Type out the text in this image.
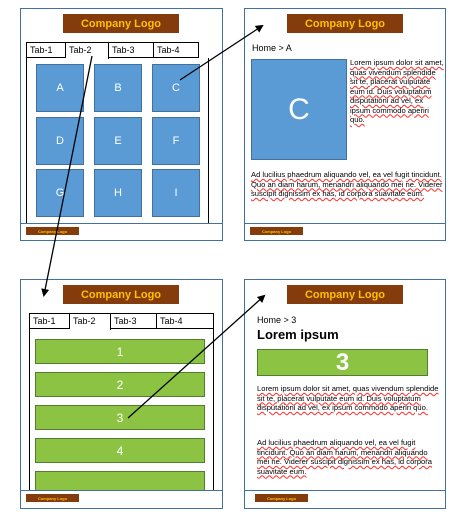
Company Logo
Tab-1	Tab-2	Tab-3	Tab-4
A	B	C
D	E	F
G	H	I
Company Logo
Company Logo
Home > A
C

Lorem ipsum dolor sit amet, quas vivendum splendide sit te, placerat vulputate eum id. Duis voluptatum disputationi ad vel, ex ipsum commodo aperiri quo.

Ad lucilius phaedrum aliquando vel, ea vel fugit tincidunt. Quo an diam harum, menandri aliquando mei ne. Viderer suscipit dignissim ex has, id corpora suavitate eum.

Company Logo
Company Logo
Tab-1	Tab-2	Tab-3	Tab-4
1
2
3
4
Company Logo
Company Logo
Home > 3
Lorem ipsum
3

Lorem ipsum dolor sit amet, quas vivendum splendide sit te, placerat vulputate eum id. Duis voluptatum disputationi ad vel, ex ipsum commodo aperiri quo.

Ad lucilius phaedrum aliquando vel, ea vel fugit tincidunt. Quo an diam harum, menandri aliquando mei ne. Viderer suscipit dignissim ex has, id corpora suavitate eum.

Company Logo
